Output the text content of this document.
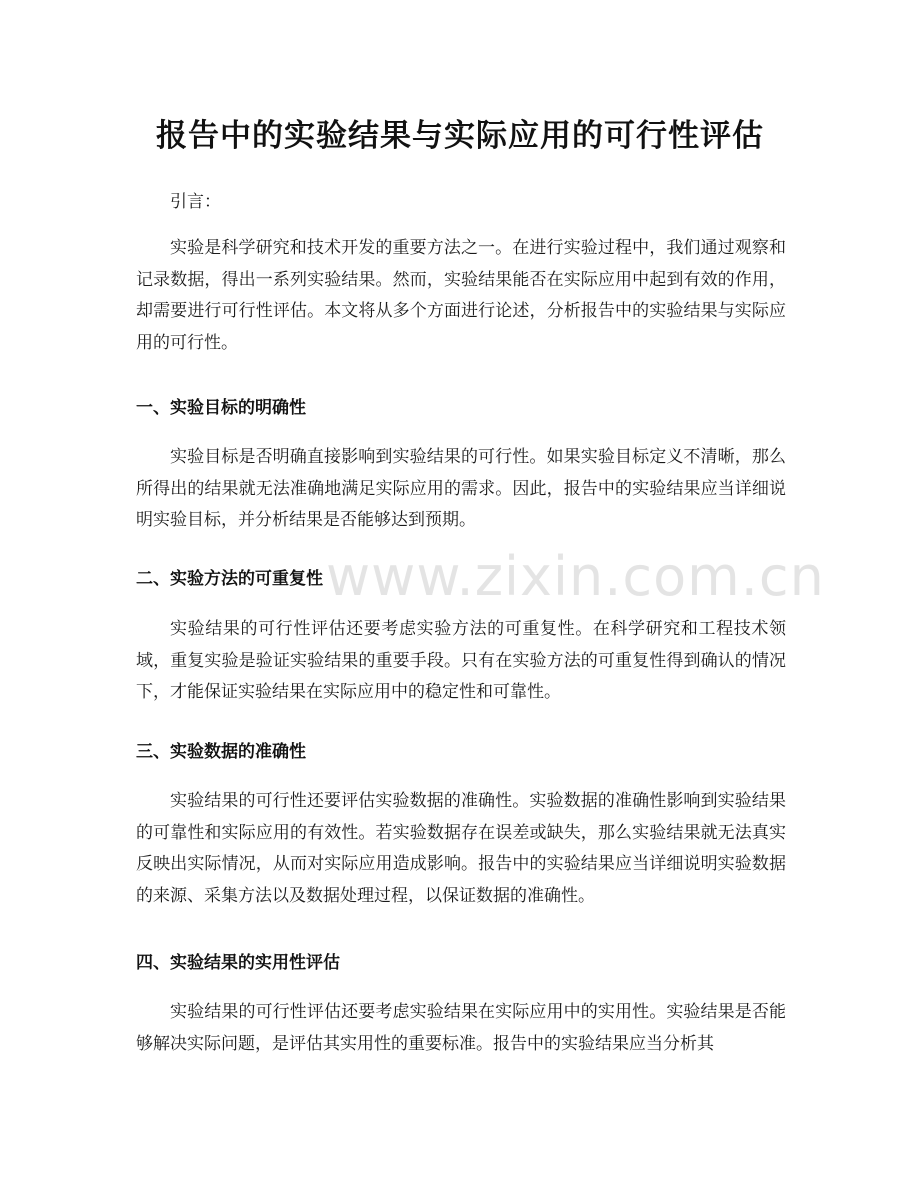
报告中的实验结果与实际应用的可行性评估

引言：

实验是科学研究和技术开发的重要方法之一。在进行实验过程中，我们通过观察和记录数据，得出一系列实验结果。然而，实验结果能否在实际应用中起到有效的作用，却需要进行可行性评估。本文将从多个方面进行论述，分析报告中的实验结果与实际应用的可行性。

一、实验目标的明确性

实验目标是否明确直接影响到实验结果的可行性。如果实验目标定义不清晰，那么所得出的结果就无法准确地满足实际应用的需求。因此，报告中的实验结果应当详细说明实验目标，并分析结果是否能够达到预期。

二、实验方法的可重复性

实验结果的可行性评估还要考虑实验方法的可重复性。在科学研究和工程技术领域，重复实验是验证实验结果的重要手段。只有在实验方法的可重复性得到确认的情况下，才能保证实验结果在实际应用中的稳定性和可靠性。

三、实验数据的准确性

实验结果的可行性还要评估实验数据的准确性。实验数据的准确性影响到实验结果的可靠性和实际应用的有效性。若实验数据存在误差或缺失，那么实验结果就无法真实反映出实际情况，从而对实际应用造成影响。报告中的实验结果应当详细说明实验数据的来源、采集方法以及数据处理过程，以保证数据的准确性。

四、实验结果的实用性评估

实验结果的可行性评估还要考虑实验结果在实际应用中的实用性。实验结果是否能够解决实际问题，是评估其实用性的重要标准。报告中的实验结果应当分析其

www.zixin.com.cn
